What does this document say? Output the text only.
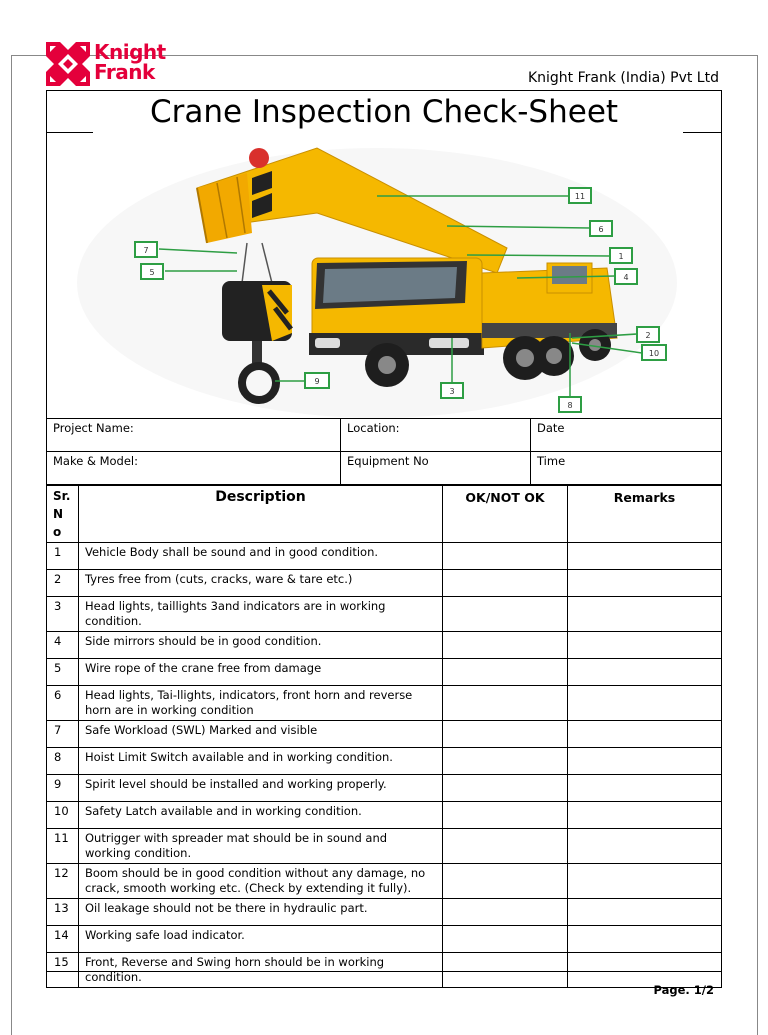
Knight
Frank	Knight Frank (India) Pvt Ltd
Crane Inspection Check-Sheet
11
6
7
1
5
4
2
10
9
3
8
Project Name:	Location:	Date
Make & Model:	Equipment No	Time
Sr.
N
o	Description	OK/NOT OK	Remarks
1	Vehicle Body shall be sound and in good condition.		
2	Tyres free from (cuts, cracks, ware & tare etc.)		
3	Head lights, taillights 3and indicators are in working condition.		
4	Side mirrors should be in good condition.		
5	Wire rope of the crane free from damage		
6	Head lights, Tai-llights, indicators, front horn and reverse horn are in working condition		
7	Safe Workload (SWL) Marked and visible		
8	Hoist Limit Switch available and in working condition.		
9	Spirit level should be installed and working properly.		
10	Safety Latch available and in working condition.		
11	Outrigger with spreader mat should be in sound and working condition.		
12	Boom should be in good condition without any damage, no crack, smooth working etc. (Check by extending it fully).		
13	Oil leakage should not be there in hydraulic part.		
14	Working safe load indicator.		
15	Front, Reverse and Swing horn should be in working condition.		
Page. 1/2
